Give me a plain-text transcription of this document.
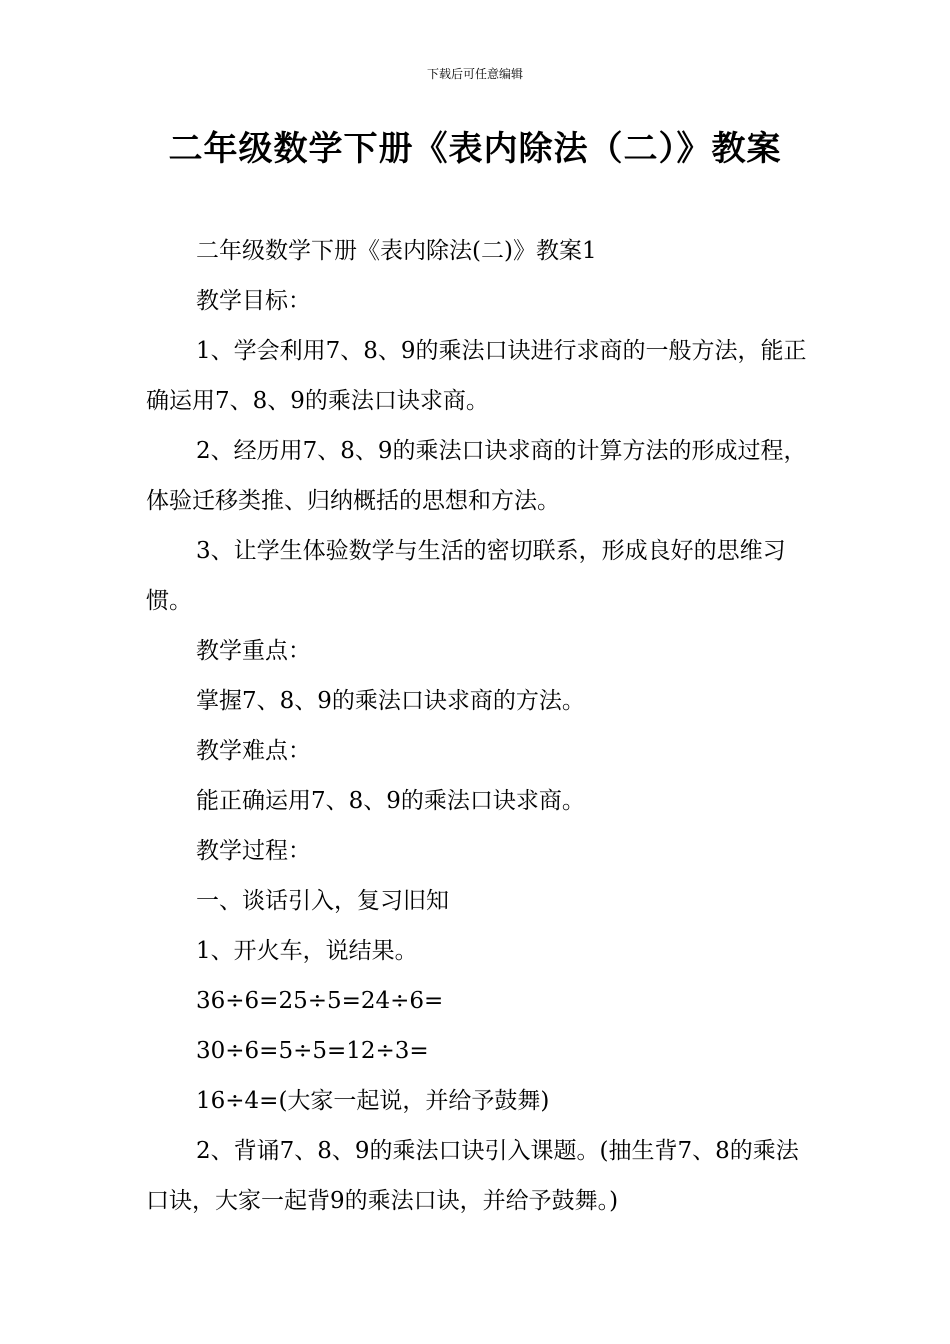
下载后可任意编辑
二年级数学下册《表内除法（二）》教案

二年级数学下册《表内除法(二)》教案1

教学目标：

1、学会利用7、8、9的乘法口诀进行求商的一般方法，能正确运用7、8、9的乘法口诀求商。

2、经历用7、8、9的乘法口诀求商的计算方法的形成过程，体验迁移类推、归纳概括的思想和方法。

3、让学生体验数学与生活的密切联系，形成良好的思维习惯。

教学重点：

掌握7、8、9的乘法口诀求商的方法。

教学难点：

能正确运用7、8、9的乘法口诀求商。

教学过程：

一、谈话引入，复习旧知

1、开火车，说结果。

36÷6=25÷5=24÷6=

30÷6=5÷5=12÷3=

16÷4=(大家一起说，并给予鼓舞)

2、背诵7、8、9的乘法口诀引入课题。(抽生背7、8的乘法口诀，大家一起背9的乘法口诀，并给予鼓舞。)
